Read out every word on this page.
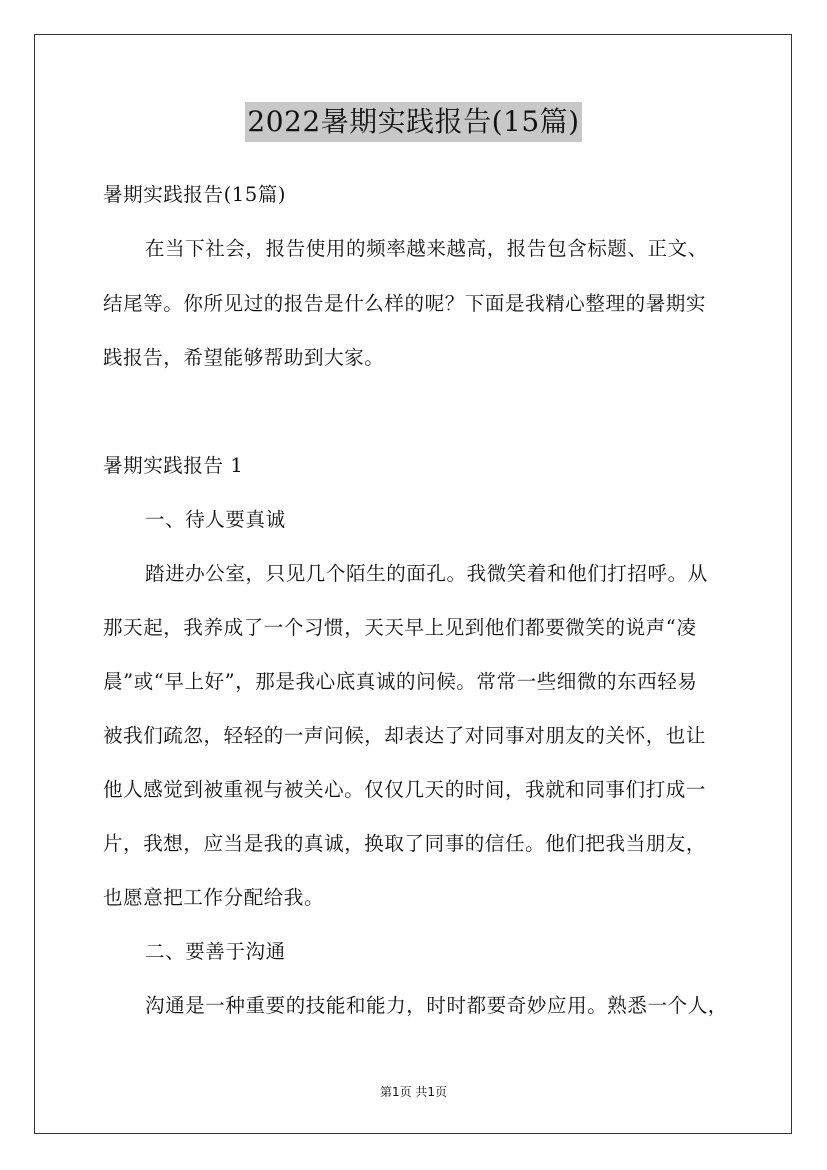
2022暑期实践报告(15篇)
暑期实践报告(15篇)
在当下社会，报告使用的频率越来越高，报告包含标题、正文、
结尾等。你所见过的报告是什么样的呢？下面是我精心整理的暑期实
践报告，希望能够帮助到大家。
暑期实践报告 1
一、待人要真诚
踏进办公室，只见几个陌生的面孔。我微笑着和他们打招呼。从
那天起，我养成了一个习惯，天天早上见到他们都要微笑的说声“凌
晨”或“早上好”，那是我心底真诚的问候。常常一些细微的东西轻易
被我们疏忽，轻轻的一声问候，却表达了对同事对朋友的关怀，也让
他人感觉到被重视与被关心。仅仅几天的时间，我就和同事们打成一
片，我想，应当是我的真诚，换取了同事的信任。他们把我当朋友，
也愿意把工作分配给我。
二、要善于沟通
沟通是一种重要的技能和能力，时时都要奇妙应用。熟悉一个人，
第1页 共1页
